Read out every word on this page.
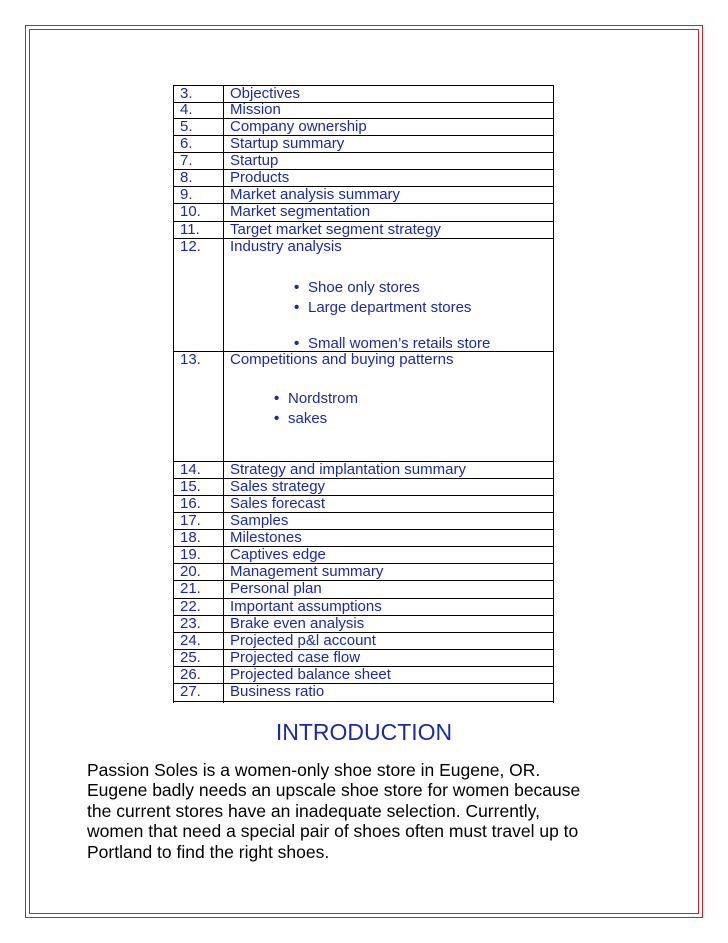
3. Objectives
4. Mission
5. Company ownership
6. Startup summary
7. Startup
8. Products
9. Market analysis summary
10. Market segmentation
11. Target market segment strategy
12. Industry analysis
• Shoe only stores
• Large department stores
• Small women’s retails store
13. Competitions and buying patterns
• Nordstrom
• sakes
14. Strategy and implantation summary
15. Sales strategy
16. Sales forecast
17. Samples
18. Milestones
19. Captives edge
20. Management summary
21. Personal plan
22. Important assumptions
23. Brake even analysis
24. Projected p&l account
25. Projected case flow
26. Projected balance sheet
27. Business ratio
INTRODUCTION
Passion Soles is a women-only shoe store in Eugene, OR.
Eugene badly needs an upscale shoe store for women because
the current stores have an inadequate selection. Currently,
women that need a special pair of shoes often must travel up to
Portland to find the right shoes.
